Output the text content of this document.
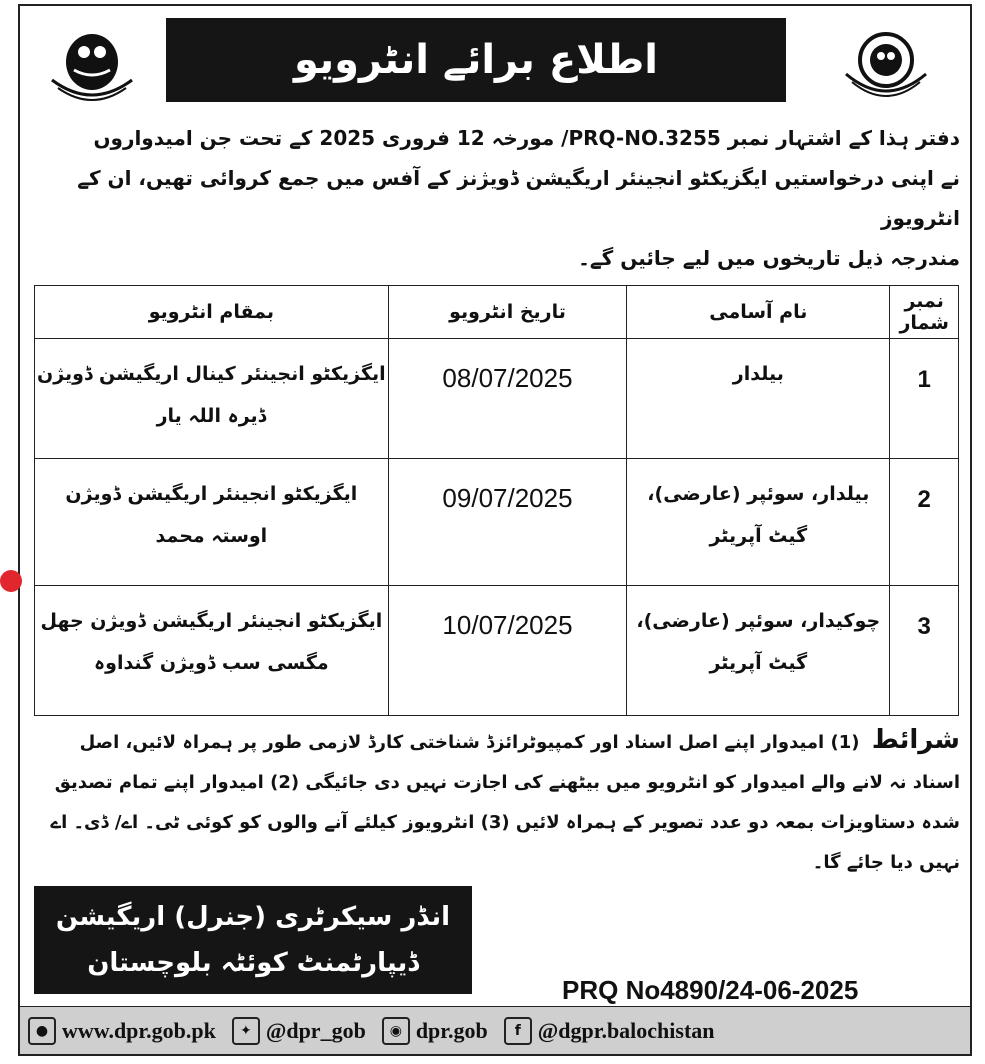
اطلاع برائے انٹرویو
دفتر ہذا کے اشتہار نمبر PRQ-NO.3255/ مورخہ 12 فروری 2025 کے تحت جن امیدواروں
نے اپنی درخواستیں ایگزیکٹو انجینئر اریگیشن ڈویژنز کے آفس میں جمع کروائی تھیں، ان کے انٹرویوز
مندرجہ ذیل تاریخوں میں لیے جائیں گے۔
نمبر شمار	نام آسامی	تاریخ انٹرویو	بمقام انٹرویو
1	بیلدار	08/07/2025	ایگزیکٹو انجینئر کینال اریگیشن ڈویژن ڈیرہ اللہ یار
2	بیلدار، سوئپر (عارضی)، گیٹ آپریٹر	09/07/2025	ایگزیکٹو انجینئر اریگیشن ڈویژن اوستہ محمد
3	چوکیدار، سوئپر (عارضی)، گیٹ آپریٹر	10/07/2025	ایگزیکٹو انجینئر اریگیشن ڈویژن جھل مگسی سب ڈویژن گنداوہ
شرائط (1) امیدوار اپنے اصل اسناد اور کمپیوٹرائزڈ شناختی کارڈ لازمی طور پر ہمراہ لائیں، اصل اسناد نہ لانے والے امیدوار کو انٹرویو میں بیٹھنے کی اجازت نہیں دی جائیگی (2) امیدوار اپنے تمام تصدیق شدہ دستاویزات بمعہ دو عدد تصویر کے ہمراہ لائیں (3) انٹرویوز کیلئے آنے والوں کو کوئی ٹی۔ اے/ ڈی۔ اے نہیں دیا جائے گا۔
انڈر سیکرٹری (جنرل) اریگیشن
ڈیپارٹمنٹ کوئٹہ بلوچستان
PRQ No4890/24-06-2025
● www.dpr.gob.pk	✦ @dpr_gob	◉ dpr.gob	f @dgpr.balochistan
